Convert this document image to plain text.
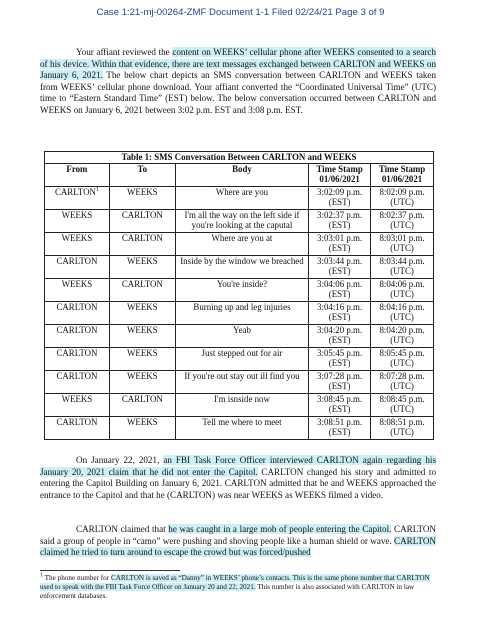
Case 1:21-mj-00264-ZMF Document 1-1 Filed 02/24/21 Page 3 of 9

Your affiant reviewed the content on WEEKS’ cellular phone after WEEKS consented to a search of his device. Within that evidence, there are text messages exchanged between CARLTON and WEEKS on January 6, 2021. The below chart depicts an SMS conversation between CARLTON and WEEKS taken from WEEKS’ cellular phone download. Your affiant converted the “Coordinated Universal Time” (UTC) time to “Eastern Standard Time” (EST) below. The below conversation occurred between CARLTON and WEEKS on January 6, 2021 between 3:02 p.m. EST and 3:08 p.m. EST.

Table 1: SMS Conversation Between CARLTON and WEEKS				
From	To	Body	Time Stamp 01/06/2021	Time Stamp 01/06/2021
CARLTON$^1$	WEEKS	Where are you	3:02:09 p.m. (EST)	8:02:09 p.m. (UTC)
WEEKS	CARLTON	I'm all the way on the left side if you're looking at the caputal	3:02:37 p.m. (EST)	8:02:37 p.m. (UTC)
WEEKS	CARLTON	Where are you at	3:03:01 p.m. (EST)	8:03:01 p.m. (UTC)
CARLTON	WEEKS	Inside by the window we breached	3:03:44 p.m. (EST)	8:03:44 p.m. (UTC)
WEEKS	CARLTON	You're inside?	3:04:06 p.m. (EST)	8:04:06 p.m. (UTC)
CARLTON	WEEKS	Burning up and leg injuries	3:04:16 p.m. (EST)	8:04:16 p.m. (UTC)
CARLTON	WEEKS	Yeab	3:04:20 p.m. (EST)	8:04:20 p.m. (UTC)
CARLTON	WEEKS	Just stepped out for air	3:05:45 p.m. (EST)	8:05:45 p.m. (UTC)
CARLTON	WEEKS	If you're out stay out ill find you	3:07:28 p.m. (EST)	8:07:28 p.m. (UTC)
WEEKS	CARLTON	I'm isnside now	3:08:45 p.m. (EST)	8:08:45 p.m. (UTC)
CARLTON	WEEKS	Tell me where to meet	3:08:51 p.m. (EST)	8:08:51 p.m. (UTC)

On January 22, 2021, an FBI Task Force Officer interviewed CARLTON again regarding his January 20, 2021 claim that he did not enter the Capitol. CARLTON changed his story and admitted to entering the Capitol Building on January 6, 2021. CARLTON admitted that he and WEEKS approached the entrance to the Capitol and that he (CARLTON) was near WEEKS as WEEKS filmed a video.

CARLTON claimed that he was caught in a large mob of people entering the Capitol. CARLTON said a group of people in “camo” were pushing and shoving people like a human shield or wave. CARLTON claimed he tried to turn around to escape the crowd but was forced/pushed

$^1$ The phone number for CARLTON is saved as “Danny” in WEEKS’ phone’s contacts. This is the same phone number that CARLTON used to speak with the FBI Task Force Officer on January 20 and 22, 2021. This number is also associated with CARLTON in law enforcement databases.
